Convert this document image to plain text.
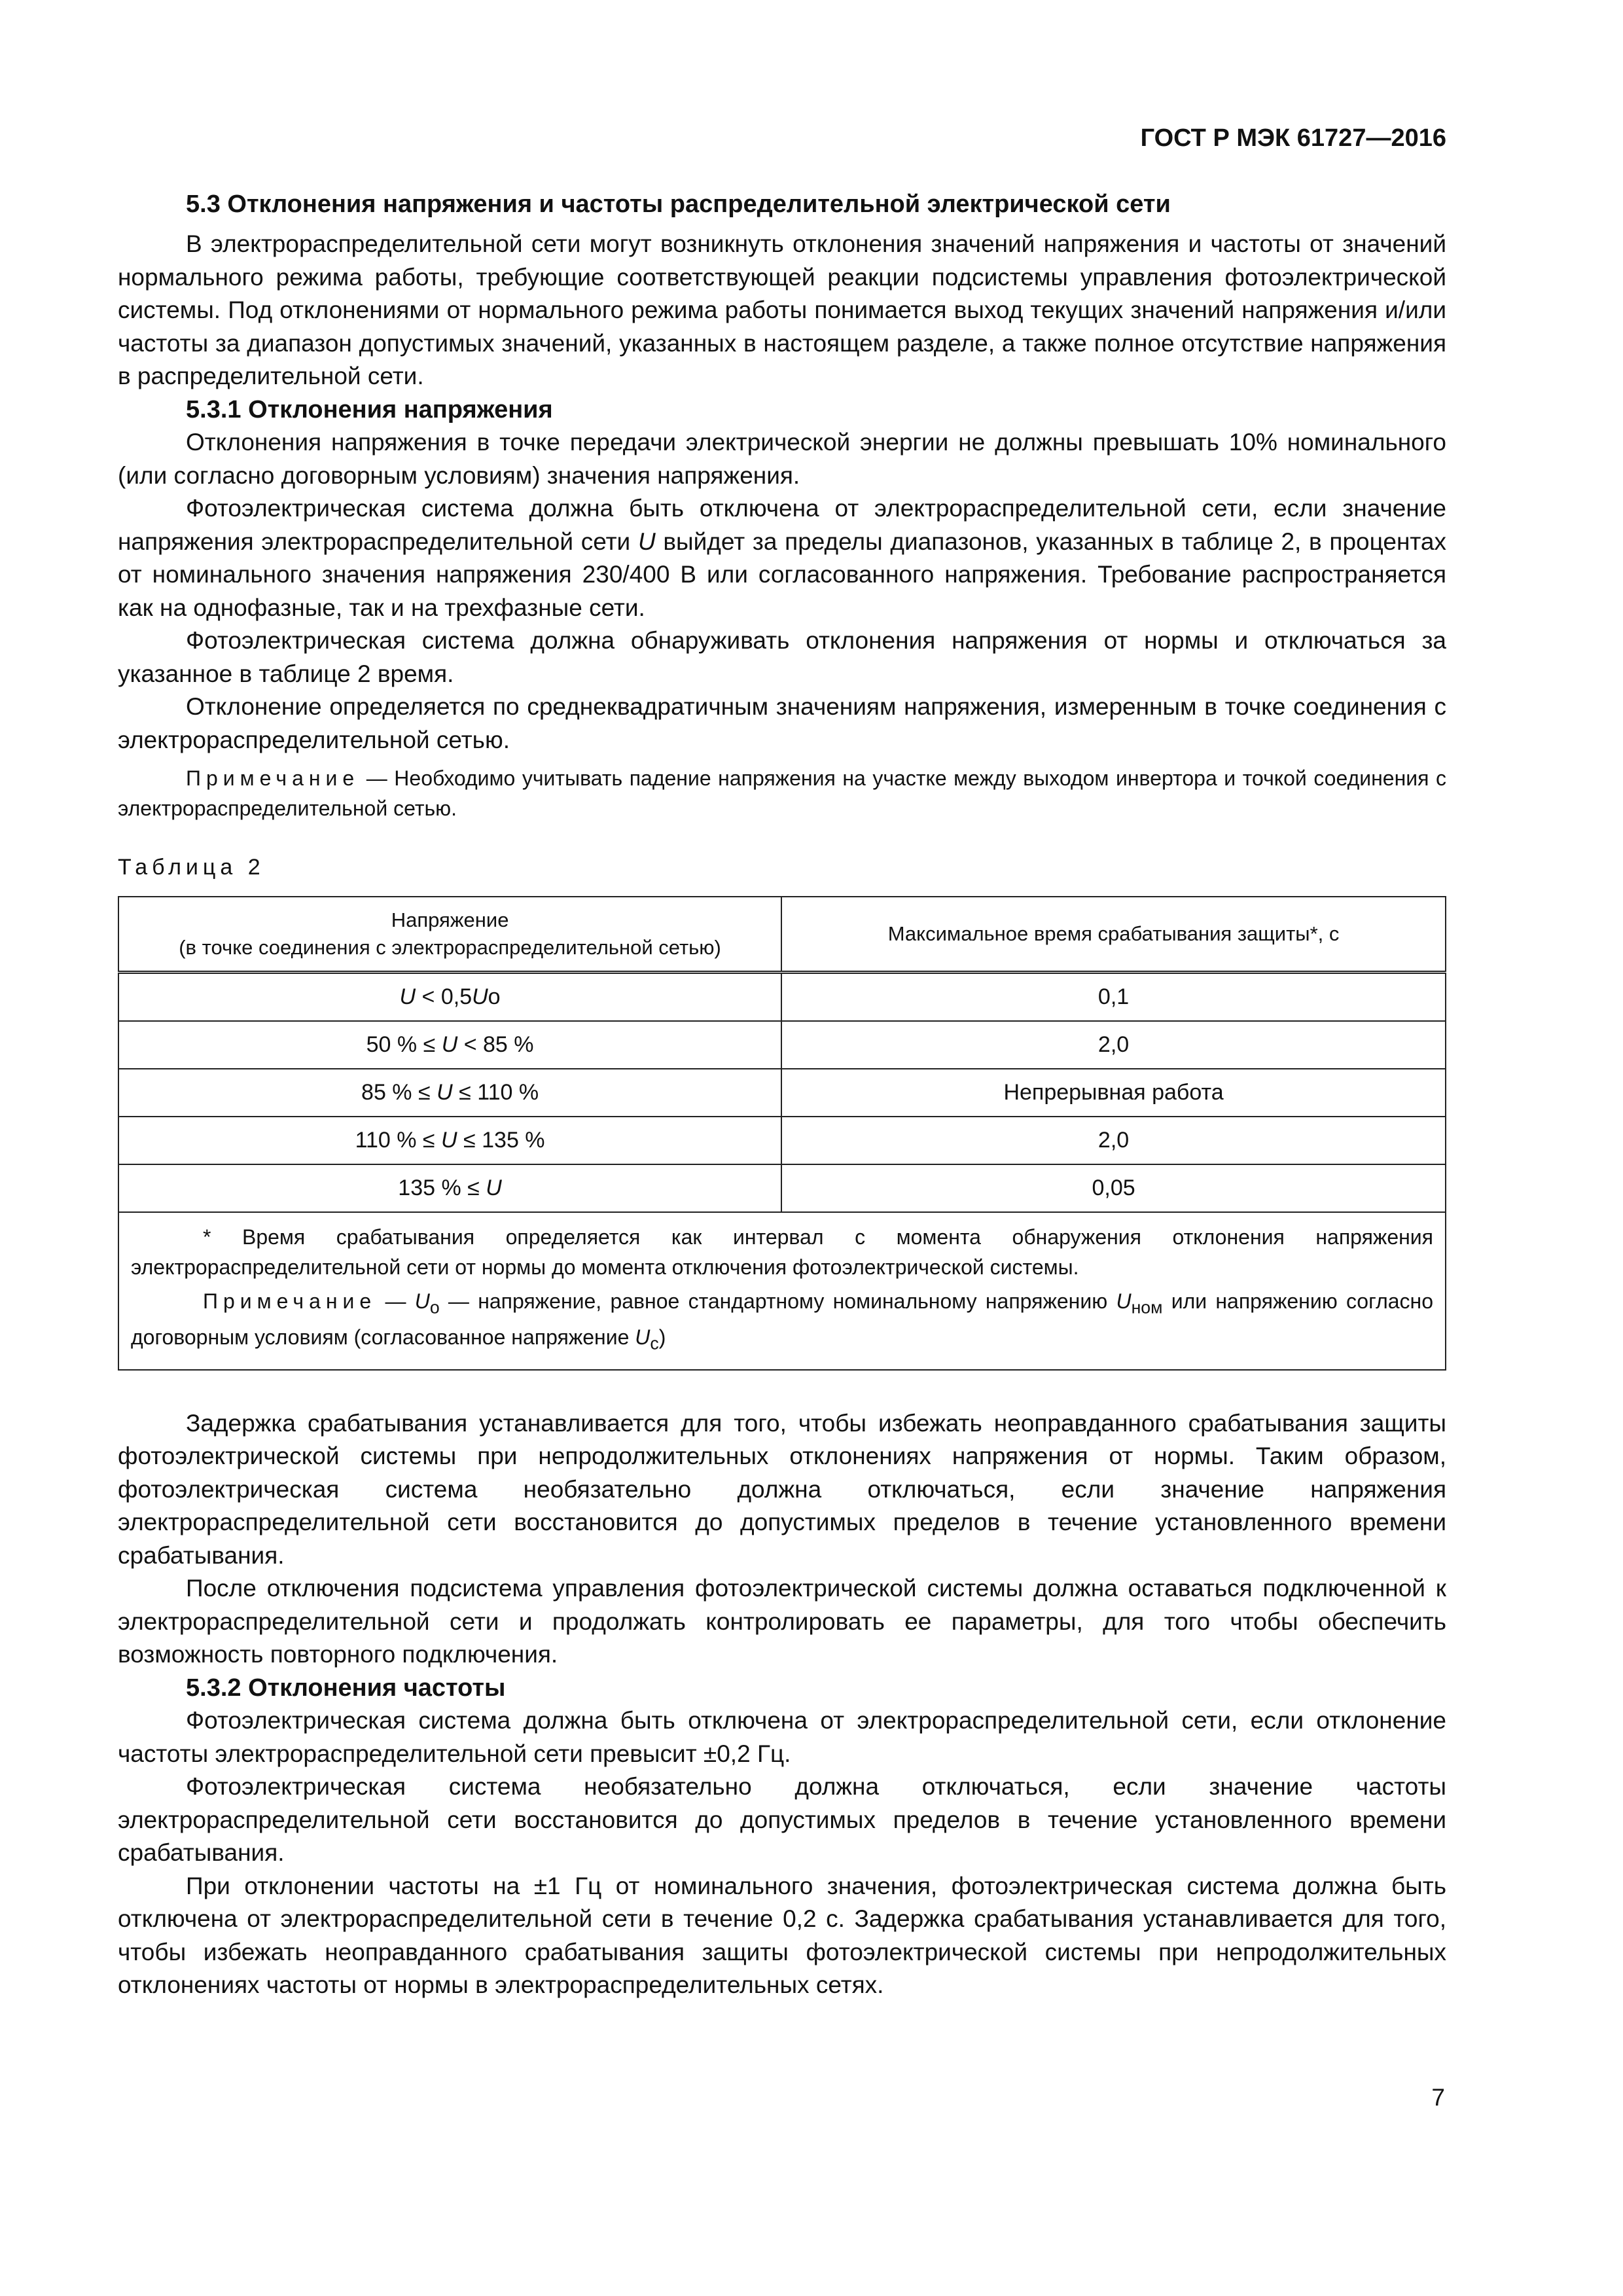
ГОСТ Р МЭК 61727—2016
5.3 Отклонения напряжения и частоты распределительной электрической сети

В электрораспределительной сети могут возникнуть отклонения значений напряжения и частоты от значений нормального режима работы, требующие соответствующей реакции подсистемы управления фотоэлектрической системы. Под отклонениями от нормального режима работы понимается выход текущих значений напряжения и/или частоты за диапазон допустимых значений, указанных в настоящем разделе, а также полное отсутствие напряжения в распределительной сети.

5.3.1 Отклонения напряжения

Отклонения напряжения в точке передачи электрической энергии не должны превышать 10% номинального (или согласно договорным условиям) значения напряжения.

Фотоэлектрическая система должна быть отключена от электрораспределительной сети, если значение напряжения электрораспределительной сети U выйдет за пределы диапазонов, указанных в таблице 2, в процентах от номинального значения напряжения 230/400 В или согласованного напряжения. Требование распространяется как на однофазные, так и на трехфазные сети.

Фотоэлектрическая система должна обнаруживать отклонения напряжения от нормы и отключаться за указанное в таблице 2 время.

Отклонение определяется по среднеквадратичным значениям напряжения, измеренным в точке соединения с электрораспределительной сетью.

Примечание — Необходимо учитывать падение напряжения на участке между выходом инвертора и точкой соединения с электрораспределительной сетью.
Таблица 2
Напряжение
(в точке соединения с электрораспределительной сетью)	Максимальное время срабатывания защиты*, с
U < 0,5Uo	0,1
50 % ≤ U < 85 %	2,0
85 % ≤ U ≤ 110 %	Непрерывная работа
110 % ≤ U ≤ 135 %	2,0
135 % ≤ U	0,05

* Время срабатывания определяется как интервал с момента обнаружения отклонения напряжения электрораспределительной сети от нормы до момента отключения фотоэлектрической системы.
Примечание — $U_о$ — напряжение, равное стандартному номинальному напряжению $U_{ном}$ или напряжению согласно договорным условиям (согласованное напряжение $U_с$)	

Задержка срабатывания устанавливается для того, чтобы избежать неоправданного срабатывания защиты фотоэлектрической системы при непродолжительных отклонениях напряжения от нормы. Таким образом, фотоэлектрическая система необязательно должна отключаться, если значение напряжения электрораспределительной сети восстановится до допустимых пределов в течение установленного времени срабатывания.

После отключения подсистема управления фотоэлектрической системы должна оставаться подключенной к электрораспределительной сети и продолжать контролировать ее параметры, для того чтобы обеспечить возможность повторного подключения.

5.3.2 Отклонения частоты

Фотоэлектрическая система должна быть отключена от электрораспределительной сети, если отклонение частоты электрораспределительной сети превысит ±0,2 Гц.

Фотоэлектрическая система необязательно должна отключаться, если значение частоты электрораспределительной сети восстановится до допустимых пределов в течение установленного времени срабатывания.

При отклонении частоты на ±1 Гц от номинального значения, фотоэлектрическая система должна быть отключена от электрораспределительной сети в течение 0,2 с. Задержка срабатывания устанавливается для того, чтобы избежать неоправданного срабатывания защиты фотоэлектрической системы при непродолжительных отклонениях частоты от нормы в электрораспределительных сетях.

7
